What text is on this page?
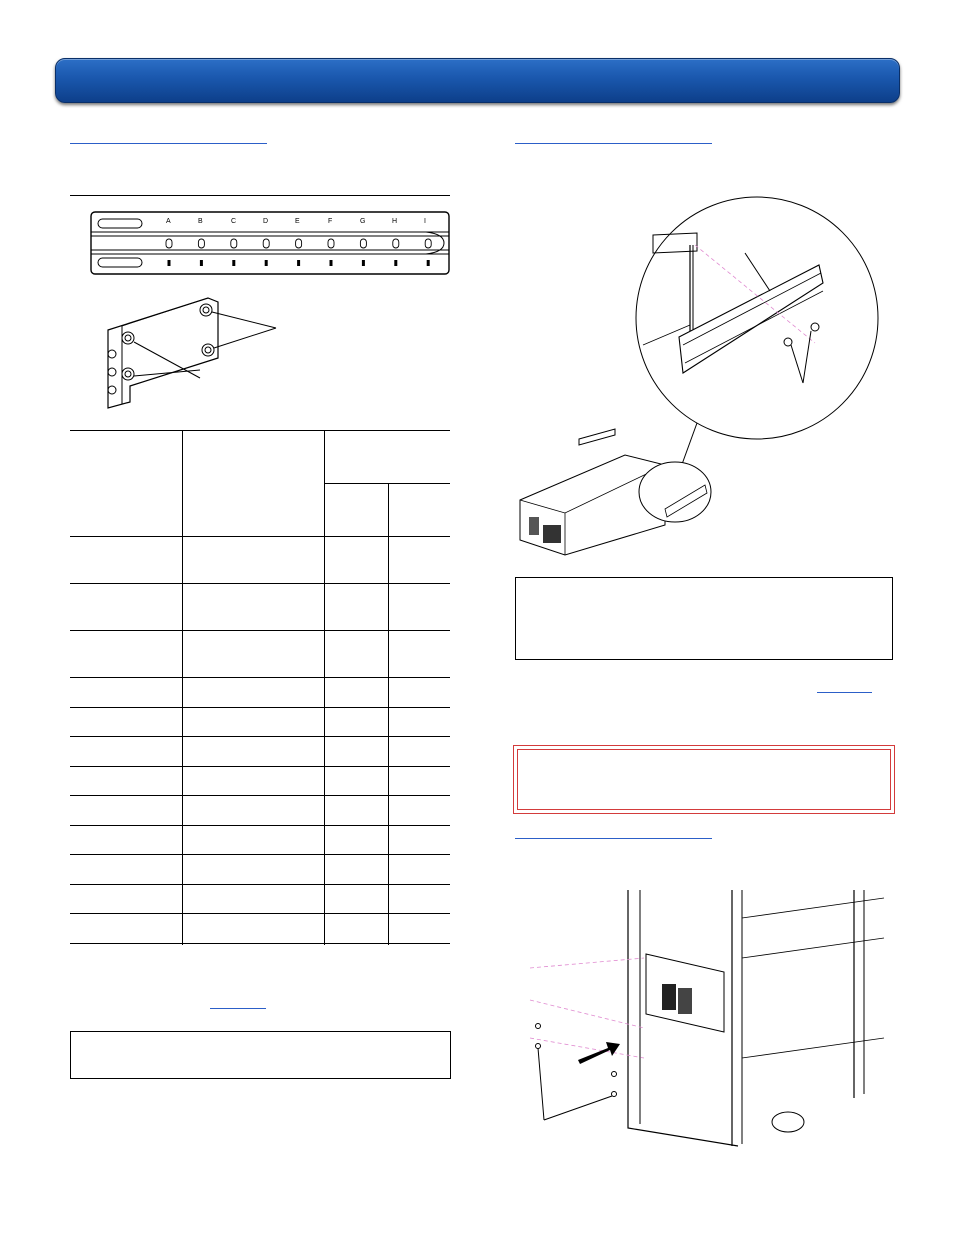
A	B	C	D	E	F	G	H	I
